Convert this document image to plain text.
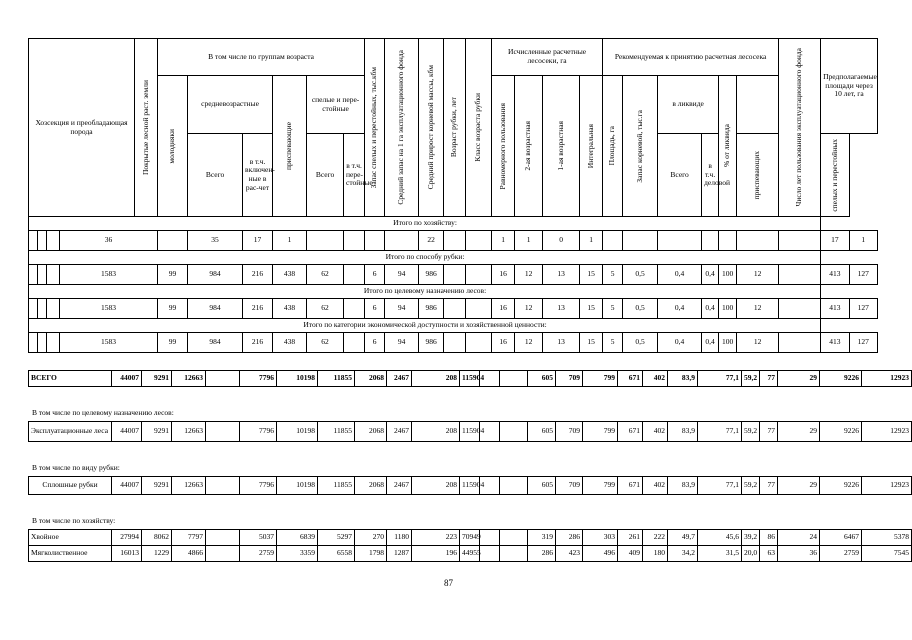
Хозсекция и преобладающая порода				Покрытые лесной раст. земли	В том числе по группам возраста						Запас спелых и перестойных, тыс.кбм	Средний запас на 1 га эксплуатационного фонда	Средний прирост корневой массы, кбм	Возраст рубки, лет	Класс возраста рубки	Исчисленные расчетные лесосеки, га				Рекомендуемая к принятию расчетная лесосека						Число лет пользования эксплуатационного фонда	Предполагаемые площади через 10 лет, га	

					молодняки	средневозрастные		приспевающие	спелые и пере-стойные							Равномерного пользования	2-ая возрастная	1-ая возрастная	Интегральная	Площадь, га	Запас корневой, тыс.га	в ликвиде		% от ликвида				

						Всего	в т.ч. включен-ные в рас-чет		Всего	в т.ч. пере-стойные												Всего	в т.ч. деловой		приспевающих		спелых и перестойных	

Итого по хозяйству:																												
			36			35	17	1					22			1	1	0	1								17	1
Итого по способу рубки:																												
			1583		99	984	216	438	62		6	94	986			16	12	13	15	5	0,5	0,4	0,4	100	12		413	127
Итого по целевому назначению лесов:																												
			1583		99	984	216	438	62		6	94	986			16	12	13	15	5	0,5	0,4	0,4	100	12		413	127
Итого по категории экономической доступности и хозяйственной ценности:																												
			1583		99	984	216	438	62		6	94	986			16	12	13	15	5	0,5	0,4	0,4	100	12		413	127
ВСЕГО	44007	9291	12663		7796	10198	11855	2068	2467	208	115904			605	709	799	671	402	83,9	77,1	59,2	77	29	9226	12923
В том числе по целевому назначению лесов:
Эксплуатационные леса	44007	9291	12663		7796	10198	11855	2068	2467	208	115904			605	709	799	671	402	83,9	77,1	59,2	77	29	9226	12923
В том числе по виду рубки:
Сплошные рубки	44007	9291	12663		7796	10198	11855	2068	2467	208	115904			605	709	799	671	402	83,9	77,1	59,2	77	29	9226	12923
В том числе по хозяйству:
Хвойное	27994	8062	7797		5037	6839	5297	270	1180	223	70949			319	286	303	261	222	49,7	45,6	39,2	86	24	6467	5378
Мягколиственное	16013	1229	4866		2759	3359	6558	1798	1287	196	44955			286	423	496	409	180	34,2	31,5	20,0	63	36	2759	7545
87
